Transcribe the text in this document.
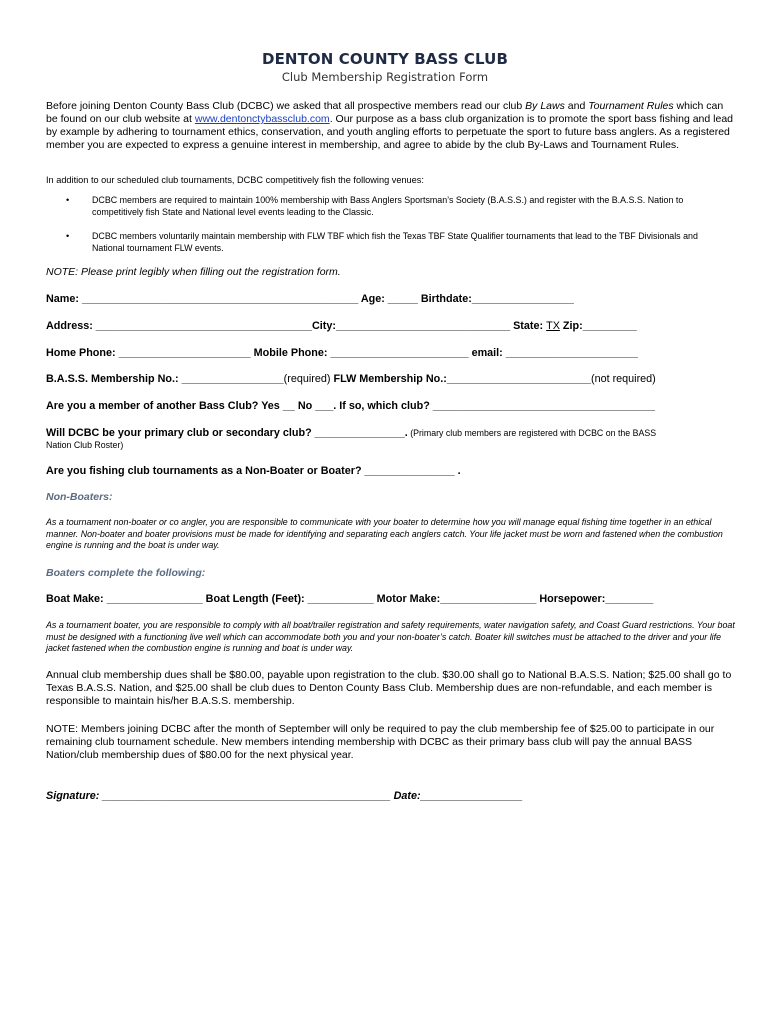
DENTON COUNTY BASS CLUB
Club Membership Registration Form
Before joining Denton County Bass Club (DCBC) we asked that all prospective members read our club By Laws and Tournament Rules which can be found on our club website at www.dentonctybassclub.com. Our purpose as a bass club organization is to promote the sport bass fishing and lead by example by adhering to tournament ethics, conservation, and youth angling efforts to perpetuate the sport to future bass anglers. As a registered member you are expected to express a genuine interest in membership, and agree to abide by the club By-Laws and Tournament Rules.
In addition to our scheduled club tournaments, DCBC competitively fish the following venues:
•	DCBC members are required to maintain 100% membership with Bass Anglers Sportsman’s Society (B.A.S.S.) and register with the B.A.S.S. Nation to competitively fish State and National level events leading to the Classic.
•	DCBC members voluntarily maintain membership with FLW TBF which fish the Texas TBF State Qualifier tournaments that lead to the TBF Divisionals and National tournament FLW events.
NOTE: Please print legibly when filling out the registration form.
Name: ______________________________________________ Age: _____ Birthdate:_________________
Address: ____________________________________City:_____________________________ State: TX Zip:_________
Home Phone: ______________________ Mobile Phone: _______________________ email: ______________________
B.A.S.S. Membership No.: _________________(required) FLW Membership No.:________________________(not required)
Are you a member of another Bass Club? Yes __ No ___. If so, which club? _____________________________________
Will DCBC be your primary club or secondary club? _______________. (Primary club members are registered with DCBC on the BASS
Nation Club Roster)
Are you fishing club tournaments as a Non-Boater or Boater? _______________ .
Non-Boaters:
As a tournament non-boater or co angler, you are responsible to communicate with your boater to determine how you will manage equal fishing time together in an ethical manner. Non-boater and boater provisions must be made for identifying and separating each anglers catch. Your life jacket must be worn and fastened when the combustion engine is running and the boat is under way.
Boaters complete the following:
Boat Make: ________________ Boat Length (Feet): ___________ Motor Make:________________ Horsepower:________
As a tournament boater, you are responsible to comply with all boat/trailer registration and safety requirements, water navigation safety, and Coast Guard restrictions. Your boat must be designed with a functioning live well which can accommodate both you and your non-boater’s catch. Boater kill switches must be attached to the driver and your life jacket fastened when the combustion engine is running and boat is under way.
Annual club membership dues shall be $80.00, payable upon registration to the club. $30.00 shall go to National B.A.S.S. Nation; $25.00 shall go to Texas B.A.S.S. Nation, and $25.00 shall be club dues to Denton County Bass Club. Membership dues are non-refundable, and each member is responsible to maintain his/her B.A.S.S. membership.
NOTE: Members joining DCBC after the month of September will only be required to pay the club membership fee of $25.00 to participate in our remaining club tournament schedule. New members intending membership with DCBC as their primary bass club will pay the annual BASS Nation/club membership dues of $80.00 for the next physical year.
Signature: ________________________________________________ Date:_________________
